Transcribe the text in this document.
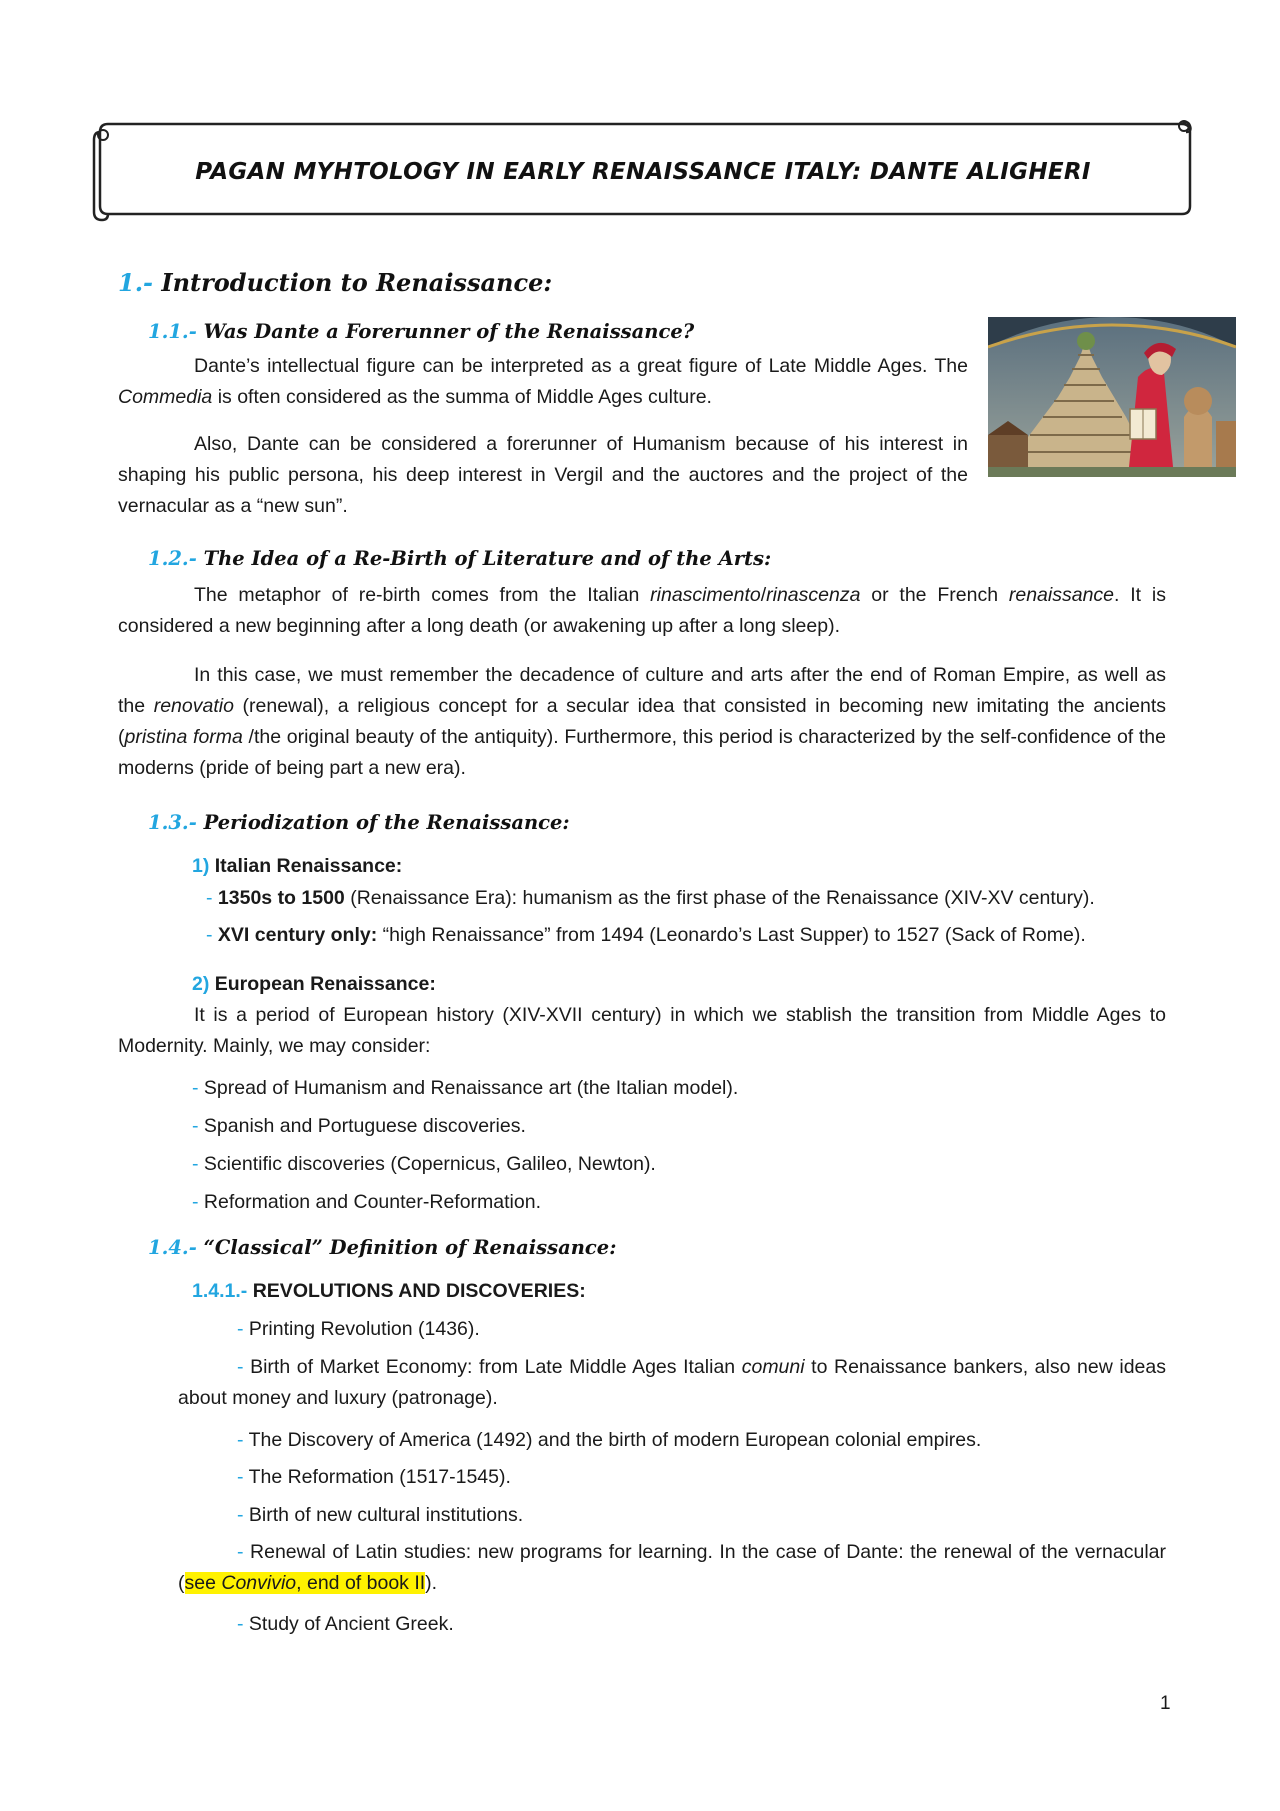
PAGAN MYHTOLOGY IN EARLY RENAISSANCE ITALY: DANTE ALIGHERI
1.- Introduction to Renaissance:
1.1.- Was Dante a Forerunner of the Renaissance?
Dante’s intellectual figure can be interpreted as a great figure of Late Middle Ages. The Commedia is often considered as the summa of Middle Ages culture.
Also, Dante can be considered a forerunner of Humanism because of his interest in shaping his public persona, his deep interest in Vergil and the auctores and the project of the vernacular as a “new sun”.
1.2.- The Idea of a Re-Birth of Literature and of the Arts:
The metaphor of re-birth comes from the Italian rinascimento/rinascenza or the French renaissance. It is considered a new beginning after a long death (or awakening up after a long sleep).
In this case, we must remember the decadence of culture and arts after the end of Roman Empire, as well as the renovatio (renewal), a religious concept for a secular idea that consisted in becoming new imitating the ancients (pristina forma /the original beauty of the antiquity). Furthermore, this period is characterized by the self-confidence of the moderns (pride of being part a new era).
1.3.- Periodization of the Renaissance:
1) Italian Renaissance:
- 1350s to 1500 (Renaissance Era): humanism as the first phase of the Renaissance (XIV-XV century).
- XVI century only: “high Renaissance” from 1494 (Leonardo’s Last Supper) to 1527 (Sack of Rome).
2) European Renaissance:
It is a period of European history (XIV-XVII century) in which we stablish the transition from Middle Ages to Modernity. Mainly, we may consider:
- Spread of Humanism and Renaissance art (the Italian model).
- Spanish and Portuguese discoveries.
- Scientific discoveries (Copernicus, Galileo, Newton).
- Reformation and Counter-Reformation.
1.4.- “Classical” Definition of Renaissance:
1.4.1.- REVOLUTIONS AND DISCOVERIES:
- Printing Revolution (1436).
- Birth of Market Economy: from Late Middle Ages Italian comuni to Renaissance bankers, also new ideas about money and luxury (patronage).
- The Discovery of America (1492) and the birth of modern European colonial empires.
- The Reformation (1517-1545).
- Birth of new cultural institutions.
- Renewal of Latin studies: new programs for learning. In the case of Dante: the renewal of the vernacular (see Convivio, end of book II).
- Study of Ancient Greek.
1
